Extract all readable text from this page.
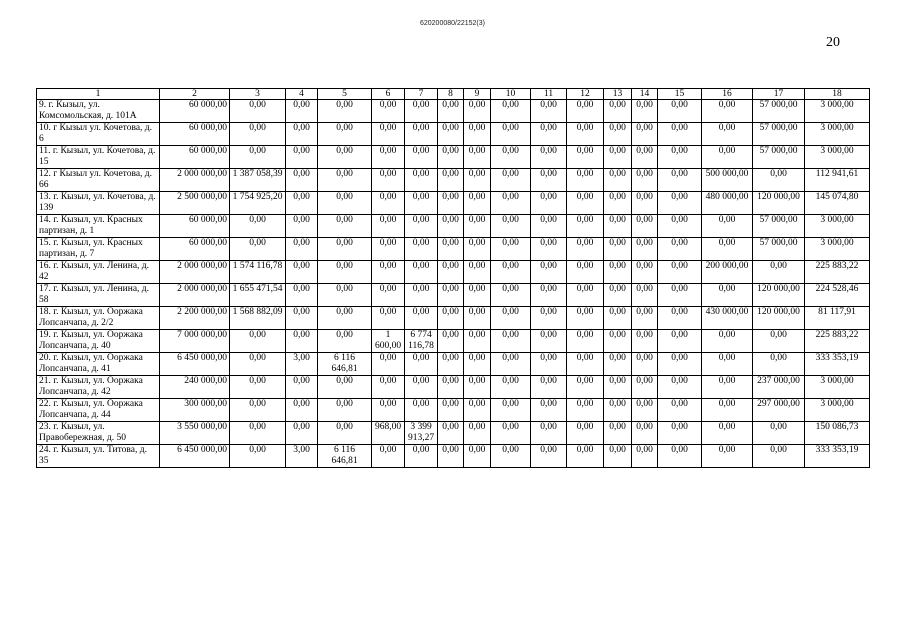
620200080/22152(3)
20
1	2	3	4	5	6	7	8	9	10	11	12	13	14	15	16	17	18
9. г. Кызыл, ул. Комсомольская, д. 101А	60 000,00	0,00	0,00	0,00	0,00	0,00	0,00	0,00	0,00	0,00	0,00	0,00	0,00	0,00	0,00	57 000,00	3 000,00
10. г Кызыл ул. Кочетова, д. 6	60 000,00	0,00	0,00	0,00	0,00	0,00	0,00	0,00	0,00	0,00	0,00	0,00	0,00	0,00	0,00	57 000,00	3 000,00
11. г. Кызыл, ул. Кочетова, д. 15	60 000,00	0,00	0,00	0,00	0,00	0,00	0,00	0,00	0,00	0,00	0,00	0,00	0,00	0,00	0,00	57 000,00	3 000,00
12. г Кызыл ул. Кочетова, д. 66	2 000 000,00	1 387 058,39	0,00	0,00	0,00	0,00	0,00	0,00	0,00	0,00	0,00	0,00	0,00	0,00	500 000,00	0,00	112 941,61
13. г. Кызыл, ул. Кочетова, д. 139	2 500 000,00	1 754 925,20	0,00	0,00	0,00	0,00	0,00	0,00	0,00	0,00	0,00	0,00	0,00	0,00	480 000,00	120 000,00	145 074,80
14. г. Кызыл, ул. Красных партизан, д. 1	60 000,00	0,00	0,00	0,00	0,00	0,00	0,00	0,00	0,00	0,00	0,00	0,00	0,00	0,00	0,00	57 000,00	3 000,00
15. г. Кызыл, ул. Красных партизан, д. 7	60 000,00	0,00	0,00	0,00	0,00	0,00	0,00	0,00	0,00	0,00	0,00	0,00	0,00	0,00	0,00	57 000,00	3 000,00
16. г. Кызыл, ул. Ленина, д. 42	2 000 000,00	1 574 116,78	0,00	0,00	0,00	0,00	0,00	0,00	0,00	0,00	0,00	0,00	0,00	0,00	200 000,00	0,00	225 883,22
17. г. Кызыл, ул. Ленина, д. 58	2 000 000,00	1 655 471,54	0,00	0,00	0,00	0,00	0,00	0,00	0,00	0,00	0,00	0,00	0,00	0,00	0,00	120 000,00	224 528,46
18. г. Кызыл, ул. Ооржака Лопсанчапа, д. 2/2	2 200 000,00	1 568 882,09	0,00	0,00	0,00	0,00	0,00	0,00	0,00	0,00	0,00	0,00	0,00	0,00	430 000,00	120 000,00	81 117,91
19. г. Кызыл, ул. Ооржака Лопсанчапа, д. 40	7 000 000,00	0,00	0,00	0,00	1 600,00	6 774 116,78	0,00	0,00	0,00	0,00	0,00	0,00	0,00	0,00	0,00	0,00	225 883,22
20. г. Кызыл, ул. Ооржака Лопсанчапа, д. 41	6 450 000,00	0,00	3,00	6 116 646,81	0,00	0,00	0,00	0,00	0,00	0,00	0,00	0,00	0,00	0,00	0,00	0,00	333 353,19
21. г. Кызыл, ул. Ооржака Лопсанчапа, д. 42	240 000,00	0,00	0,00	0,00	0,00	0,00	0,00	0,00	0,00	0,00	0,00	0,00	0,00	0,00	0,00	237 000,00	3 000,00
22. г. Кызыл, ул. Ооржака Лопсанчапа, д. 44	300 000,00	0,00	0,00	0,00	0,00	0,00	0,00	0,00	0,00	0,00	0,00	0,00	0,00	0,00	0,00	297 000,00	3 000,00
23. г. Кызыл, ул. Правобережная, д. 50	3 550 000,00	0,00	0,00	0,00	968,00	3 399 913,27	0,00	0,00	0,00	0,00	0,00	0,00	0,00	0,00	0,00	0,00	150 086,73
24. г. Кызыл, ул. Титова, д. 35	6 450 000,00	0,00	3,00	6 116 646,81	0,00	0,00	0,00	0,00	0,00	0,00	0,00	0,00	0,00	0,00	0,00	0,00	333 353,19
